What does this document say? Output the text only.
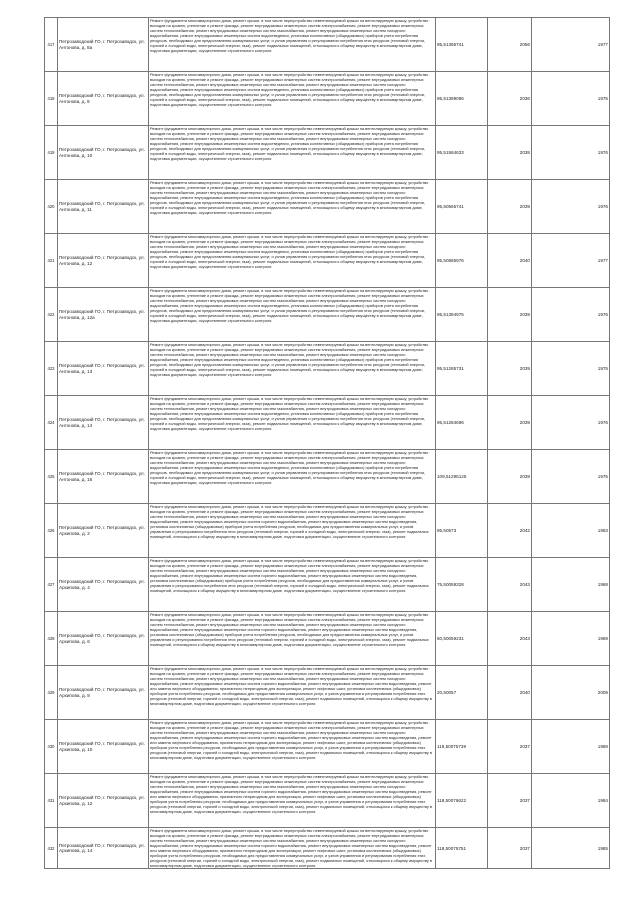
417	Петрозаводский ГО, г. Петрозаводск, ул. Антонова, д. 8а	Ремонт фундамента многоквартирного дома, ремонт крыши, в том числе переустройство невентилируемой крыши на вентилируемую крышу, устройство выходов на кровлю, утепление и ремонт фасада, ремонт внутридомовых инженерных систем электроснабжения, ремонт внутридомовых инженерных систем теплоснабжения, ремонт внутридомовых инженерных систем газоснабжения, ремонт внутридомовых инженерных систем холодного водоснабжения, ремонт внутридомовых инженерных систем водоотведения, установка коллективных (общедомовых) приборов учета потребления ресурсов, необходимых для предоставления коммунальных услуг, и узлов управления и регулирования потребления этих ресурсов (тепловой энергии, горячей и холодной воды, электрической энергии, газа), ремонт подвальных помещений, относящихся к общему имуществу в многоквартирном доме, подготовка документации, осуществление строительного контроля	95,51395741	2056	1977
418	Петрозаводский ГО, г. Петрозаводск, ул. Антонова, д. 9	Ремонт фундамента многоквартирного дома, ремонт крыши, в том числе переустройство невентилируемой крыши на вентилируемую крышу, устройство выходов на кровлю, утепление и ремонт фасада, ремонт внутридомовых инженерных систем электроснабжения, ремонт внутридомовых инженерных систем теплоснабжения, ремонт внутридомовых инженерных систем газоснабжения, ремонт внутридомовых инженерных систем холодного водоснабжения, ремонт внутридомовых инженерных систем водоотведения, установка коллективных (общедомовых) приборов учета потребления ресурсов, необходимых для предоставления коммунальных услуг, и узлов управления и регулирования потребления этих ресурсов (тепловой энергии, горячей и холодной воды, электрической энергии, газа), ремонт подвальных помещений, относящихся к общему имуществу в многоквартирном доме, подготовка документации, осуществление строительного контроля	95,51399095	2036	1975
419	Петрозаводский ГО, г. Петрозаводск, ул. Антонова, д. 10	Ремонт фундамента многоквартирного дома, ремонт крыши, в том числе переустройство невентилируемой крыши на вентилируемую крышу, устройство выходов на кровлю, утепление и ремонт фасада, ремонт внутридомовых инженерных систем электроснабжения, ремонт внутридомовых инженерных систем теплоснабжения, ремонт внутридомовых инженерных систем газоснабжения, ремонт внутридомовых инженерных систем холодного водоснабжения, ремонт внутридомовых инженерных систем водоотведения, установка коллективных (общедомовых) приборов учета потребления ресурсов, необходимых для предоставления коммунальных услуг, и узлов управления и регулирования потребления этих ресурсов (тепловой энергии, горячей и холодной воды, электрической энергии, газа), ремонт подвальных помещений, относящихся к общему имуществу в многоквартирном доме, подготовка документации, осуществление строительного контроля	95,51584633	2038	1976
420	Петрозаводский ГО, г. Петрозаводск, ул. Антонова, д. 11	Ремонт фундамента многоквартирного дома, ремонт крыши, в том числе переустройство невентилируемой крыши на вентилируемую крышу, устройство выходов на кровлю, утепление и ремонт фасада, ремонт внутридомовых инженерных систем электроснабжения, ремонт внутридомовых инженерных систем теплоснабжения, ремонт внутридомовых инженерных систем газоснабжения, ремонт внутридомовых инженерных систем холодного водоснабжения, ремонт внутридомовых инженерных систем водоотведения, установка коллективных (общедомовых) приборов учета потребления ресурсов, необходимых для предоставления коммунальных услуг, и узлов управления и регулирования потребления этих ресурсов (тепловой энергии, горячей и холодной воды, электрической энергии, газа), ремонт подвальных помещений, относящихся к общему имуществу в многоквартирном доме, подготовка документации, осуществление строительного контроля	95,50565741	2039	1976
421	Петрозаводский ГО, г. Петрозаводск, ул. Антонова, д. 12	Ремонт фундамента многоквартирного дома, ремонт крыши, в том числе переустройство невентилируемой крыши на вентилируемую крышу, устройство выходов на кровлю, утепление и ремонт фасада, ремонт внутридомовых инженерных систем электроснабжения, ремонт внутридомовых инженерных систем теплоснабжения, ремонт внутридомовых инженерных систем газоснабжения, ремонт внутридомовых инженерных систем холодного водоснабжения, ремонт внутридомовых инженерных систем водоотведения, установка коллективных (общедомовых) приборов учета потребления ресурсов, необходимых для предоставления коммунальных услуг, и узлов управления и регулирования потребления этих ресурсов (тепловой энергии, горячей и холодной воды, электрической энергии, газа), ремонт подвальных помещений, относящихся к общему имуществу в многоквартирном доме, подготовка документации, осуществление строительного контроля	95,50685976	2040	1977
422	Петрозаводский ГО, г. Петрозаводск, ул. Антонова, д. 12а	Ремонт фундамента многоквартирного дома, ремонт крыши, в том числе переустройство невентилируемой крыши на вентилируемую крышу, устройство выходов на кровлю, утепление и ремонт фасада, ремонт внутридомовых инженерных систем электроснабжения, ремонт внутридомовых инженерных систем теплоснабжения, ремонт внутридомовых инженерных систем газоснабжения, ремонт внутридомовых инженерных систем холодного водоснабжения, ремонт внутридомовых инженерных систем водоотведения, установка коллективных (общедомовых) приборов учета потребления ресурсов, необходимых для предоставления коммунальных услуг, и узлов управления и регулирования потребления этих ресурсов (тепловой энергии, горячей и холодной воды, электрической энергии, газа), ремонт подвальных помещений, относящихся к общему имуществу в многоквартирном доме, подготовка документации, осуществление строительного контроля	95,51394975	2039	1976
423	Петрозаводский ГО, г. Петрозаводск, ул. Антонова, д. 13	Ремонт фундамента многоквартирного дома, ремонт крыши, в том числе переустройство невентилируемой крыши на вентилируемую крышу, устройство выходов на кровлю, утепление и ремонт фасада, ремонт внутридомовых инженерных систем электроснабжения, ремонт внутридомовых инженерных систем теплоснабжения, ремонт внутридомовых инженерных систем газоснабжения, ремонт внутридомовых инженерных систем холодного водоснабжения, ремонт внутридомовых инженерных систем водоотведения, установка коллективных (общедомовых) приборов учета потребления ресурсов, необходимых для предоставления коммунальных услуг, и узлов управления и регулирования потребления этих ресурсов (тепловой энергии, горячей и холодной воды, электрической энергии, газа), ремонт подвальных помещений, относящихся к общему имуществу в многоквартирном доме, подготовка документации, осуществление строительного контроля	95,51285731	2039	1975
424	Петрозаводский ГО, г. Петрозаводск, ул. Антонова, д. 14	Ремонт фундамента многоквартирного дома, ремонт крыши, в том числе переустройство невентилируемой крыши на вентилируемую крышу, устройство выходов на кровлю, утепление и ремонт фасада, ремонт внутридомовых инженерных систем электроснабжения, ремонт внутридомовых инженерных систем теплоснабжения, ремонт внутридомовых инженерных систем газоснабжения, ремонт внутридомовых инженерных систем холодного водоснабжения, ремонт внутридомовых инженерных систем водоотведения, установка коллективных (общедомовых) приборов учета потребления ресурсов, необходимых для предоставления коммунальных услуг, и узлов управления и регулирования потребления этих ресурсов (тепловой энергии, горячей и холодной воды, электрической энергии, газа), ремонт подвальных помещений, относящихся к общему имуществу в многоквартирном доме, подготовка документации, осуществление строительного контроля	95,51284696	2039	1976
425	Петрозаводский ГО, г. Петрозаводск, ул. Антонова, д. 16	Ремонт фундамента многоквартирного дома, ремонт крыши, в том числе переустройство невентилируемой крыши на вентилируемую крышу, устройство выходов на кровлю, утепление и ремонт фасада, ремонт внутридомовых инженерных систем электроснабжения, ремонт внутридомовых инженерных систем теплоснабжения, ремонт внутридомовых инженерных систем газоснабжения, ремонт внутридомовых инженерных систем холодного водоснабжения, ремонт внутридомовых инженерных систем водоотведения, установка коллективных (общедомовых) приборов учета потребления ресурсов, необходимых для предоставления коммунальных услуг, и узлов управления и регулирования потребления этих ресурсов (тепловой энергии, горячей и холодной воды, электрической энергии, газа), ремонт подвальных помещений, относящихся к общему имуществу в многоквартирном доме, подготовка документации, осуществление строительного контроля	109,51295125	2039	1975
426	Петрозаводский ГО, г. Петрозаводск, ул. Архипова, д. 2	Ремонт фундамента многоквартирного дома, ремонт крыши, в том числе переустройство невентилируемой крыши на вентилируемую крышу, устройство выходов на кровлю, утепление и ремонт фасада, ремонт внутридомовых инженерных систем электроснабжения, ремонт внутридомовых инженерных систем теплоснабжения, ремонт внутридомовых инженерных систем газоснабжения, ремонт внутридомовых инженерных систем холодного водоснабжения, ремонт внутридомовых инженерных систем горячего водоснабжения, ремонт внутридомовых инженерных систем водоотведения, установка коллективных (общедомовых) приборов учета потребления ресурсов, необходимых для предоставления коммунальных услуг, и узлов управления и регулирования потребления этих ресурсов (тепловой энергии, горячей и холодной воды, электрической энергии, газа), ремонт подвальных помещений, относящихся к общему имуществу в многоквартирном доме, подготовка документации, осуществление строительного контроля	95,50573	2042	1963
427	Петрозаводский ГО, г. Петрозаводск, ул. Архипова, д. 4	Ремонт фундамента многоквартирного дома, ремонт крыши, в том числе переустройство невентилируемой крыши на вентилируемую крышу, устройство выходов на кровлю, утепление и ремонт фасада, ремонт внутридомовых инженерных систем электроснабжения, ремонт внутридомовых инженерных систем теплоснабжения, ремонт внутридомовых инженерных систем газоснабжения, ремонт внутридомовых инженерных систем холодного водоснабжения, ремонт внутридомовых инженерных систем горячего водоснабжения, ремонт внутридомовых инженерных систем водоотведения, установка коллективных (общедомовых) приборов учета потребления ресурсов, необходимых для предоставления коммунальных услуг, и узлов управления и регулирования потребления этих ресурсов (тепловой энергии, горячей и холодной воды, электрической энергии, газа), ремонт подвальных помещений, относящихся к общему имуществу в многоквартирном доме, подготовка документации, осуществление строительного контроля	75,50059328	2043	1968
428	Петрозаводский ГО, г. Петрозаводск, ул. Архипова, д. 6	Ремонт фундамента многоквартирного дома, ремонт крыши, в том числе переустройство невентилируемой крыши на вентилируемую крышу, устройство выходов на кровлю, утепление и ремонт фасада, ремонт внутридомовых инженерных систем электроснабжения, ремонт внутридомовых инженерных систем теплоснабжения, ремонт внутридомовых инженерных систем газоснабжения, ремонт внутридомовых инженерных систем холодного водоснабжения, ремонт внутридомовых инженерных систем горячего водоснабжения, ремонт внутридомовых инженерных систем водоотведения, установка коллективных (общедомовых) приборов учета потребления ресурсов, необходимых для предоставления коммунальных услуг, и узлов управления и регулирования потребления этих ресурсов (тепловой энергии, горячей и холодной воды, электрической энергии, газа), ремонт подвальных помещений, относящихся к общему имуществу в многоквартирном доме, подготовка документации, осуществление строительного контроля	50,50059231	2043	1969
429	Петрозаводский ГО, г. Петрозаводск, ул. Архипова, д. 8	Ремонт фундамента многоквартирного дома, ремонт крыши, в том числе переустройство невентилируемой крыши на вентилируемую крышу, устройство выходов на кровлю, утепление и ремонт фасада, ремонт внутридомовых инженерных систем электроснабжения, ремонт внутридомовых инженерных систем теплоснабжения, ремонт внутридомовых инженерных систем газоснабжения, ремонт внутридомовых инженерных систем холодного водоснабжения, ремонт внутридомовых инженерных систем горячего водоснабжения, ремонт внутридомовых инженерных систем водоотведения, ремонт или замена лифтового оборудования, признанного непригодным для эксплуатации, ремонт лифтовых шахт, установка коллективных (общедомовых) приборов учета потребления ресурсов, необходимых для предоставления коммунальных услуг, и узлов управления и регулирования потребления этих ресурсов (тепловой энергии, горячей и холодной воды, электрической энергии, газа), ремонт подвальных помещений, относящихся к общему имуществу в многоквартирном доме, подготовка документации, осуществление строительного контроля	20,50057	2040	2009
430	Петрозаводский ГО, г. Петрозаводск, ул. Архипова, д. 10	Ремонт фундамента многоквартирного дома, ремонт крыши, в том числе переустройство невентилируемой крыши на вентилируемую крышу, устройство выходов на кровлю, утепление и ремонт фасада, ремонт внутридомовых инженерных систем электроснабжения, ремонт внутридомовых инженерных систем теплоснабжения, ремонт внутридомовых инженерных систем газоснабжения, ремонт внутридомовых инженерных систем холодного водоснабжения, ремонт внутридомовых инженерных систем горячего водоснабжения, ремонт внутридомовых инженерных систем водоотведения, ремонт или замена лифтового оборудования, признанного непригодным для эксплуатации, ремонт лифтовых шахт, установка коллективных (общедомовых) приборов учета потребления ресурсов, необходимых для предоставления коммунальных услуг, и узлов управления и регулирования потребления этих ресурсов (тепловой энергии, горячей и холодной воды, электрической энергии, газа), ремонт подвальных помещений, относящихся к общему имуществу в многоквартирном доме, подготовка документации, осуществление строительного контроля	118,50075739	2037	1988
431	Петрозаводский ГО, г. Петрозаводск, ул. Архипова, д. 12	Ремонт фундамента многоквартирного дома, ремонт крыши, в том числе переустройство невентилируемой крыши на вентилируемую крышу, устройство выходов на кровлю, утепление и ремонт фасада, ремонт внутридомовых инженерных систем электроснабжения, ремонт внутридомовых инженерных систем теплоснабжения, ремонт внутридомовых инженерных систем газоснабжения, ремонт внутридомовых инженерных систем холодного водоснабжения, ремонт внутридомовых инженерных систем горячего водоснабжения, ремонт внутридомовых инженерных систем водоотведения, ремонт или замена лифтового оборудования, признанного непригодным для эксплуатации, ремонт лифтовых шахт, установка коллективных (общедомовых) приборов учета потребления ресурсов, необходимых для предоставления коммунальных услуг, и узлов управления и регулирования потребления этих ресурсов (тепловой энергии, горячей и холодной воды, электрической энергии, газа), ремонт подвальных помещений, относящихся к общему имуществу в многоквартирном доме, подготовка документации, осуществление строительного контроля	118,50076622	2037	1984
432	Петрозаводский ГО, г. Петрозаводск, ул. Архипова, д. 14	Ремонт фундамента многоквартирного дома, ремонт крыши, в том числе переустройство невентилируемой крыши на вентилируемую крышу, устройство выходов на кровлю, утепление и ремонт фасада, ремонт внутридомовых инженерных систем электроснабжения, ремонт внутридомовых инженерных систем теплоснабжения, ремонт внутридомовых инженерных систем газоснабжения, ремонт внутридомовых инженерных систем холодного водоснабжения, ремонт внутридомовых инженерных систем горячего водоснабжения, ремонт внутридомовых инженерных систем водоотведения, ремонт или замена лифтового оборудования, признанного непригодным для эксплуатации, ремонт лифтовых шахт, установка коллективных (общедомовых) приборов учета потребления ресурсов, необходимых для предоставления коммунальных услуг, и узлов управления и регулирования потребления этих ресурсов (тепловой энергии, горячей и холодной воды, электрической энергии, газа), ремонт подвальных помещений, относящихся к общему имуществу в многоквартирном доме, подготовка документации, осуществление строительного контроля	118,50075751	2037	1985
